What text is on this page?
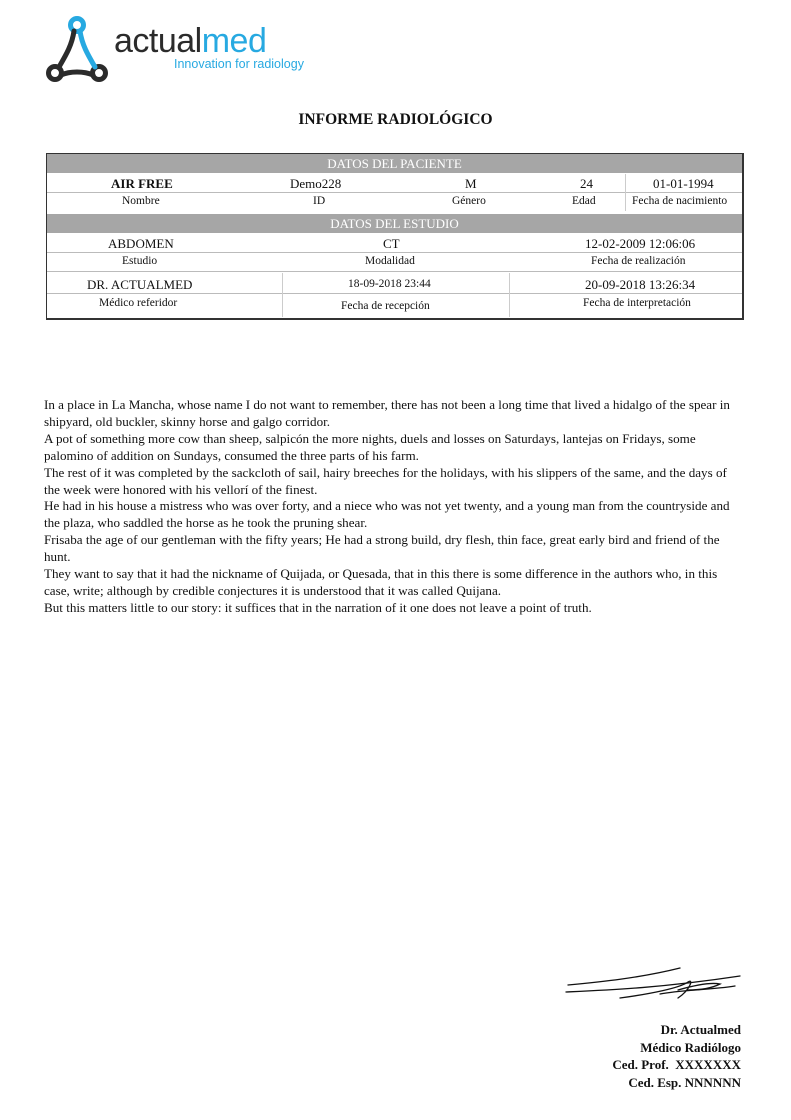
actualmed
Innovation for radiology
INFORME RADIOLÓGICO
DATOS DEL PACIENTE
AIR FREE	Demo228	M	24	01-01-1994
Nombre	ID	Género	Edad	Fecha de nacimiento
DATOS DEL ESTUDIO
ABDOMEN	CT	12-02-2009 12:06:06
Estudio	Modalidad	Fecha de realización
DR. ACTUALMED	18-09-2018 23:44	20-09-2018 13:26:34
Médico referidor	Fecha de recepción	Fecha de interpretación

In a place in La Mancha, whose name I do not want to remember, there has not been a long time that lived a hidalgo of the spear in shipyard, old buckler, skinny horse and galgo corridor.

A pot of something more cow than sheep, salpicón the more nights, duels and losses on Saturdays, lantejas on Fridays, some palomino of addition on Sundays, consumed the three parts of his farm.

The rest of it was completed by the sackcloth of sail, hairy breeches for the holidays, with his slippers of the same, and the days of the week were honored with his vellorí of the finest.

He had in his house a mistress who was over forty, and a niece who was not yet twenty, and a young man from the countryside and the plaza, who saddled the horse as he took the pruning shear.

Frisaba the age of our gentleman with the fifty years; He had a strong build, dry flesh, thin face, great early bird and friend of the hunt.

They want to say that it had the nickname of Quijada, or Quesada, that in this there is some difference in the authors who, in this case, write; although by credible conjectures it is understood that it was called Quijana.

But this matters little to our story: it suffices that in the narration of it one does not leave a point of truth.

Dr. Actualmed
Médico Radiólogo
Ced. Prof.  XXXXXXX
Ced. Esp. NNNNNN
